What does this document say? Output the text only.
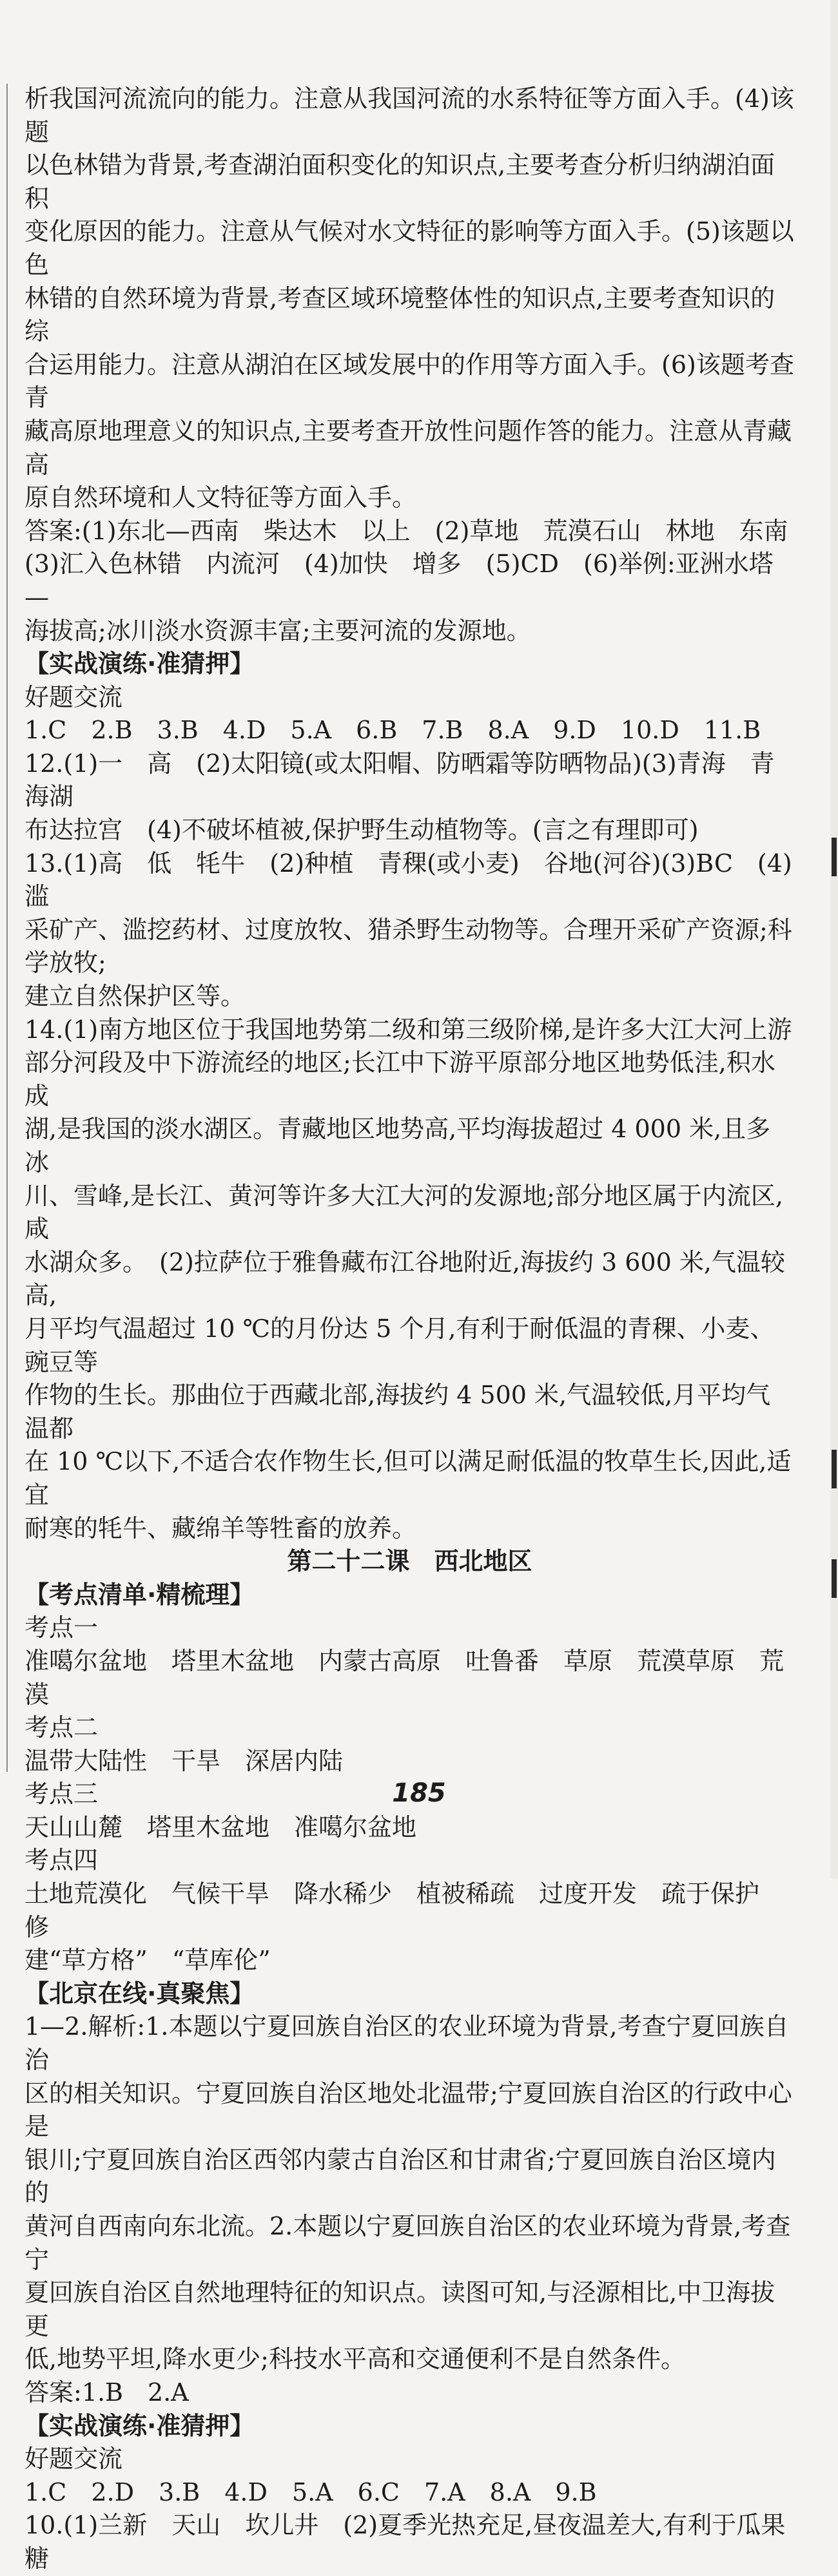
析我国河流流向的能力。注意从我国河流的水系特征等方面入手。(4)该题

以色林错为背景,考查湖泊面积变化的知识点,主要考查分析归纳湖泊面积

变化原因的能力。注意从气候对水文特征的影响等方面入手。(5)该题以色

林错的自然环境为背景,考查区域环境整体性的知识点,主要考查知识的综

合运用能力。注意从湖泊在区域发展中的作用等方面入手。(6)该题考查青

藏高原地理意义的知识点,主要考查开放性问题作答的能力。注意从青藏高

原自然环境和人文特征等方面入手。

答案:(1)东北—西南　柴达木　以上　(2)草地　荒漠石山　林地　东南

(3)汇入色林错　内流河　(4)加快　增多　(5)CD　(6)举例:亚洲水塔—

海拔高;冰川淡水资源丰富;主要河流的发源地。

【实战演练·准猜押】

好题交流

1.C　2.B　3.B　4.D　5.A　6.B　7.B　8.A　9.D　10.D　11.B

12.(1)一　高　(2)太阳镜(或太阳帽、防晒霜等防晒物品)(3)青海　青海湖

布达拉宫　(4)不破坏植被,保护野生动植物等。(言之有理即可)

13.(1)高　低　牦牛　(2)种植　青稞(或小麦)　谷地(河谷)(3)BC　(4)滥

采矿产、滥挖药材、过度放牧、猎杀野生动物等。合理开采矿产资源;科学放牧;

建立自然保护区等。

14.(1)南方地区位于我国地势第二级和第三级阶梯,是许多大江大河上游

部分河段及中下游流经的地区;长江中下游平原部分地区地势低洼,积水成

湖,是我国的淡水湖区。青藏地区地势高,平均海拔超过 4 000 米,且多冰

川、雪峰,是长江、黄河等许多大江大河的发源地;部分地区属于内流区,咸

水湖众多。　(2)拉萨位于雅鲁藏布江谷地附近,海拔约 3 600 米,气温较高,

月平均气温超过 10 ℃的月份达 5 个月,有利于耐低温的青稞、小麦、豌豆等

作物的生长。那曲位于西藏北部,海拔约 4 500 米,气温较低,月平均气温都

在 10 ℃以下,不适合农作物生长,但可以满足耐低温的牧草生长,因此,适宜

耐寒的牦牛、藏绵羊等牲畜的放养。

第二十二课　西北地区

【考点清单·精梳理】

考点一

准噶尔盆地　塔里木盆地　内蒙古高原　吐鲁番　草原　荒漠草原　荒漠

考点二

温带大陆性　干旱　深居内陆

考点三

天山山麓　塔里木盆地　准噶尔盆地

考点四

土地荒漠化　气候干旱　降水稀少　植被稀疏　过度开发　疏于保护　修

建“草方格”　“草库伦”

【北京在线·真聚焦】

1—2.解析:1.本题以宁夏回族自治区的农业环境为背景,考查宁夏回族自治

区的相关知识。宁夏回族自治区地处北温带;宁夏回族自治区的行政中心是

银川;宁夏回族自治区西邻内蒙古自治区和甘肃省;宁夏回族自治区境内的

黄河自西南向东北流。2.本题以宁夏回族自治区的农业环境为背景,考查宁

夏回族自治区自然地理特征的知识点。读图可知,与泾源相比,中卫海拔更

低,地势平坦,降水更少;科技水平高和交通便利不是自然条件。

答案:1.B　2.A

【实战演练·准猜押】

好题交流

1.C　2.D　3.B　4.D　5.A　6.C　7.A　8.A　9.B

10.(1)兰新　天山　坎儿井　(2)夏季光热充足,昼夜温差大,有利于瓜果糖

185
